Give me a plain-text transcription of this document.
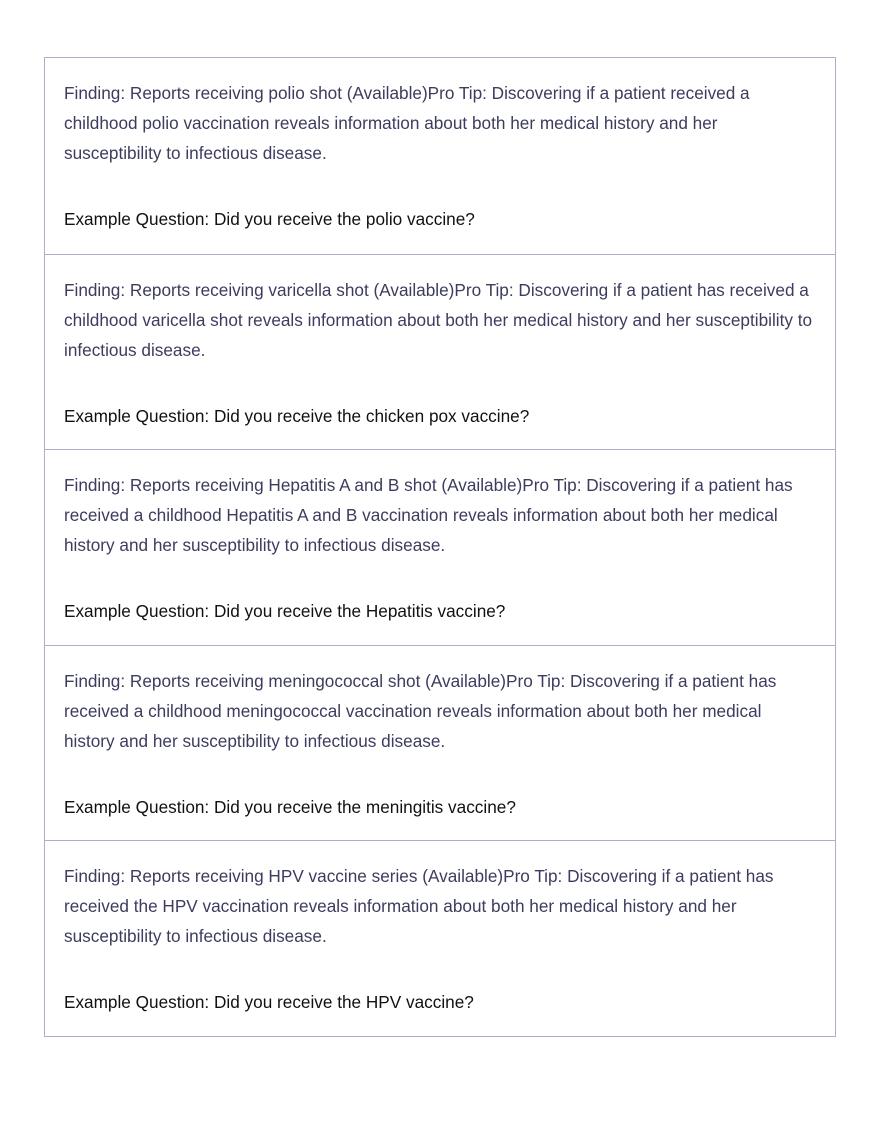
Finding: Reports receiving polio shot (Available)Pro Tip: Discovering if a patient received a childhood polio vaccination reveals information about both her medical history and her susceptibility to infectious disease.

Example Question: Did you receive the polio vaccine?

Finding: Reports receiving varicella shot (Available)Pro Tip: Discovering if a patient has received a childhood varicella shot reveals information about both her medical history and her susceptibility to infectious disease.

Example Question: Did you receive the chicken pox vaccine?

Finding: Reports receiving Hepatitis A and B shot (Available)Pro Tip: Discovering if a patient has received a childhood Hepatitis A and B vaccination reveals information about both her medical history and her susceptibility to infectious disease.

Example Question: Did you receive the Hepatitis vaccine?

Finding: Reports receiving meningococcal shot (Available)Pro Tip: Discovering if a patient has received a childhood meningococcal vaccination reveals information about both her medical history and her susceptibility to infectious disease.

Example Question: Did you receive the meningitis vaccine?

Finding: Reports receiving HPV vaccine series (Available)Pro Tip: Discovering if a patient has received the HPV vaccination reveals information about both her medical history and her susceptibility to infectious disease.

Example Question: Did you receive the HPV vaccine?
